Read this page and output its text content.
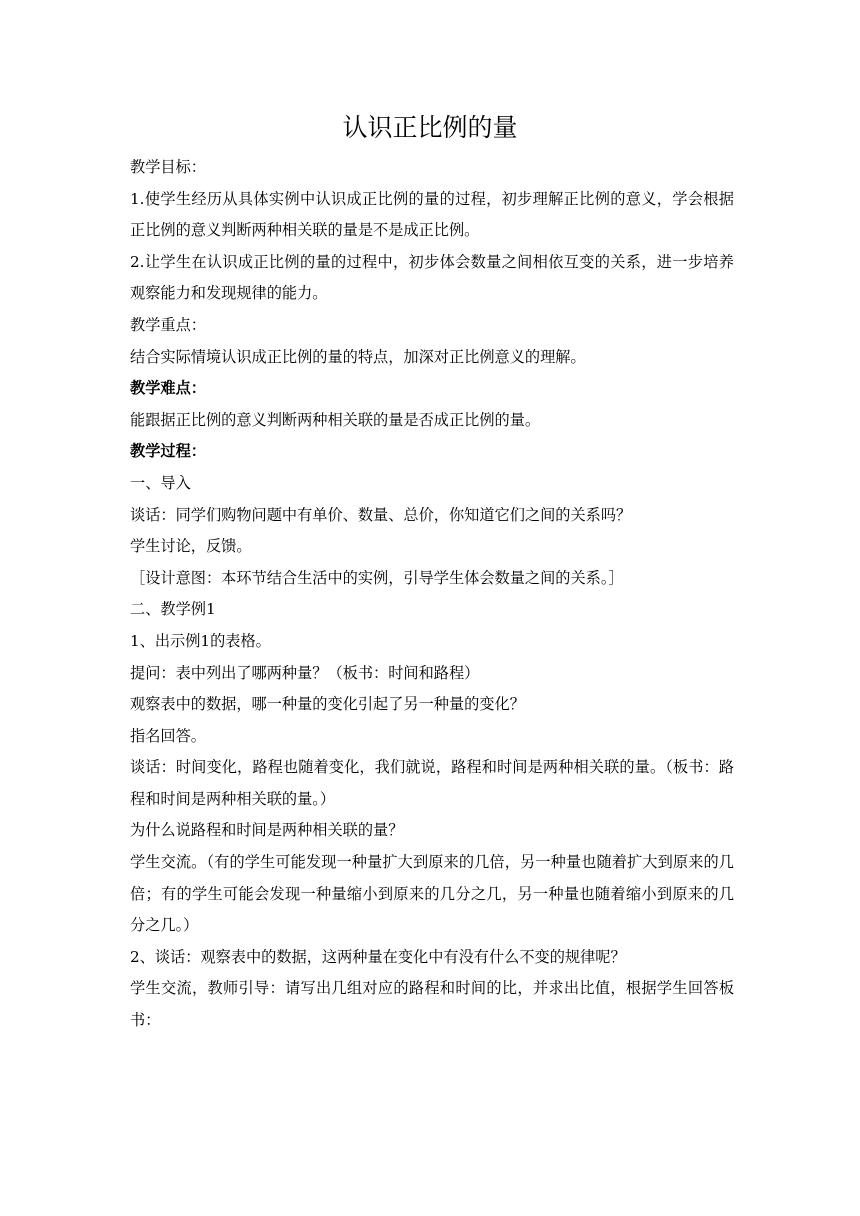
认识正比例的量

教学目标：

1.使学生经历从具体实例中认识成正比例的量的过程，初步理解正比例的意义，学会根据正比例的意义判断两种相关联的量是不是成正比例。

2.让学生在认识成正比例的量的过程中，初步体会数量之间相依互变的关系，进一步培养观察能力和发现规律的能力。

教学重点：

结合实际情境认识成正比例的量的特点，加深对正比例意义的理解。

教学难点：

能跟据正比例的意义判断两种相关联的量是否成正比例的量。

教学过程：

一、导入

谈话：同学们购物问题中有单价、数量、总价，你知道它们之间的关系吗？

学生讨论，反馈。

［设计意图：本环节结合生活中的实例，引导学生体会数量之间的关系。］

二、教学例1

1、出示例1的表格。

提问：表中列出了哪两种量？（板书：时间和路程）

观察表中的数据，哪一种量的变化引起了另一种量的变化？

指名回答。

谈话：时间变化，路程也随着变化，我们就说，路程和时间是两种相关联的量。（板书：路程和时间是两种相关联的量。）

为什么说路程和时间是两种相关联的量？

学生交流。（有的学生可能发现一种量扩大到原来的几倍，另一种量也随着扩大到原来的几倍；有的学生可能会发现一种量缩小到原来的几分之几，另一种量也随着缩小到原来的几分之几。）

2、谈话：观察表中的数据，这两种量在变化中有没有什么不变的规律呢？

学生交流，教师引导：请写出几组对应的路程和时间的比，并求出比值，根据学生回答板书：
